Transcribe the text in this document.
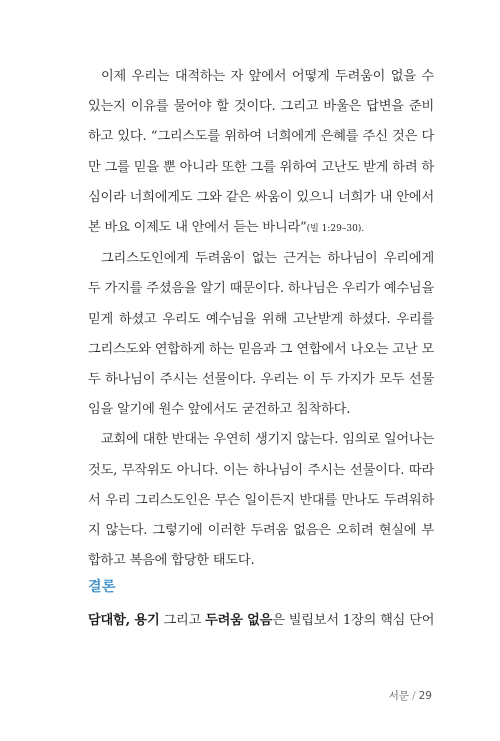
이제 우리는 대적하는 자 앞에서 어떻게 두려움이 없을 수 있는지 이유를 물어야 할 것이다. 그리고 바울은 답변을 준비하고 있다. “그리스도를 위하여 너희에게 은혜를 주신 것은 다만 그를 믿을 뿐 아니라 또한 그를 위하여 고난도 받게 하려 하심이라 너희에게도 그와 같은 싸움이 있으니 너희가 내 안에서 본 바요 이제도 내 안에서 듣는 바니라”(빌 1:29–30).

그리스도인에게 두려움이 없는 근거는 하나님이 우리에게 두 가지를 주셨음을 알기 때문이다. 하나님은 우리가 예수님을 믿게 하셨고 우리도 예수님을 위해 고난받게 하셨다. 우리를 그리스도와 연합하게 하는 믿음과 그 연합에서 나오는 고난 모두 하나님이 주시는 선물이다. 우리는 이 두 가지가 모두 선물임을 알기에 원수 앞에서도 굳건하고 침착하다.

교회에 대한 반대는 우연히 생기지 않는다. 임의로 일어나는 것도, 무작위도 아니다. 이는 하나님이 주시는 선물이다. 따라서 우리 그리스도인은 무슨 일이든지 반대를 만나도 두려워하지 않는다. 그렇기에 이러한 두려움 없음은 오히려 현실에 부합하고 복음에 합당한 태도다.

결론

담대함, 용기 그리고 두려움 없음은 빌립보서 1장의 핵심 단어

서문 / 29
